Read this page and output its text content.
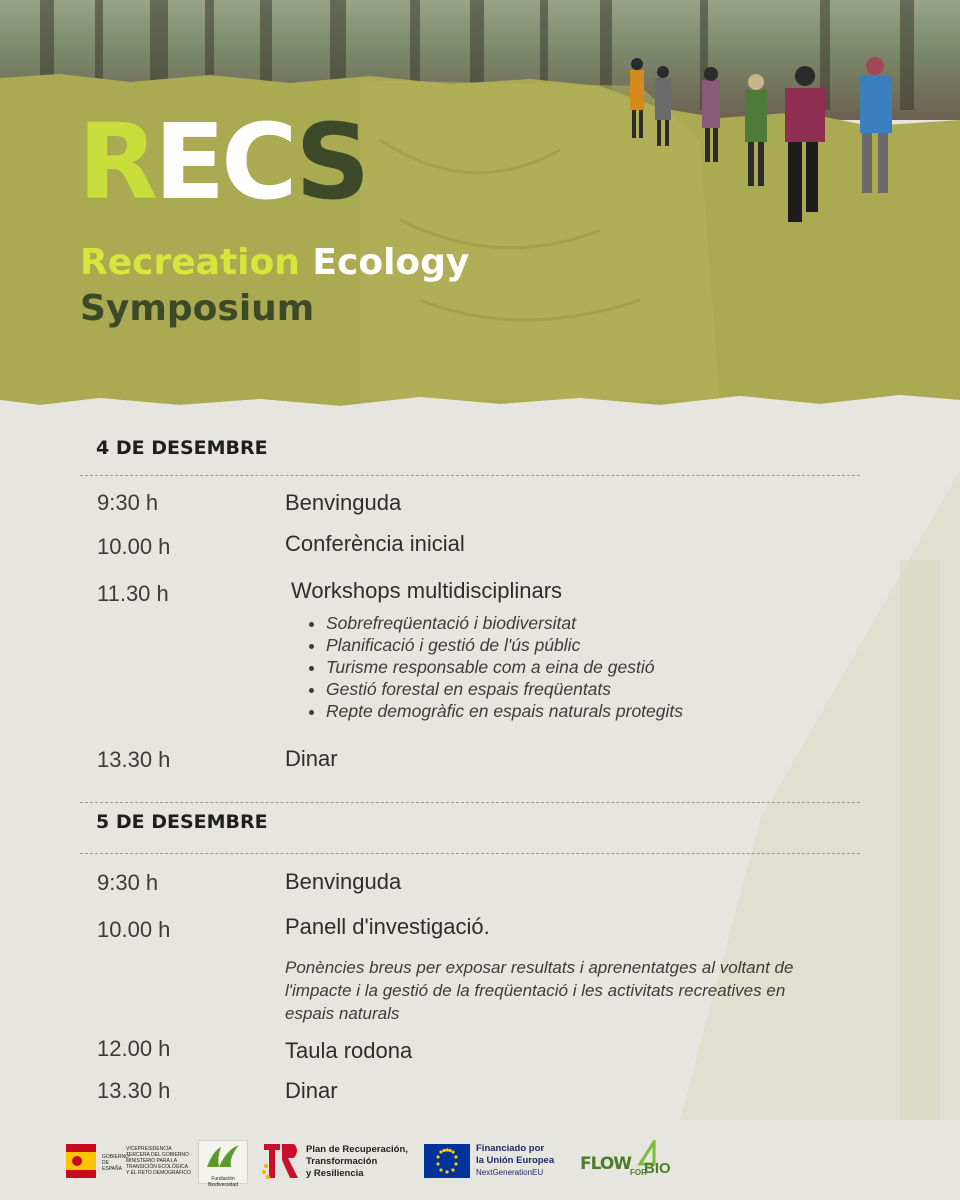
RECS
Recreation Ecology
Symposium
4 DE DESEMBRE
9:30 h	Benvinguda
10.00 h	Conferència inicial
11.30 h	Workshops multidisciplinars
• Sobrefreqüentació i biodiversitat
• Planificació i gestió de l'ús públic
• Turisme responsable com a eina de gestió
• Gestió forestal en espais freqüentats
• Repte demogràfic en espais naturals protegits
13.30 h	Dinar
5 DE DESEMBRE
9:30 h	Benvinguda
10.00 h	Panell d'investigació.
Ponències breus per exposar resultats i aprenentatges al voltant de l'impacte i la gestió de la freqüentació i les activitats recreatives en espais naturals
12.00 h	Taula rodona
13.30 h	Dinar
GOBIERNO DE ESPAÑA
VICEPRESIDENCIA TERCERA DEL GOBIERNO · MINISTERIO PARA LA TRANSICIÓN ECOLÓGICA Y EL RETO DEMOGRÁFICO
Fundación Biodiversidad
Plan de Recuperación,
Transformación
y Resiliencia
Financiado por
la Unión Europea
NextGenerationEU	FLOW
FOR
BIO
